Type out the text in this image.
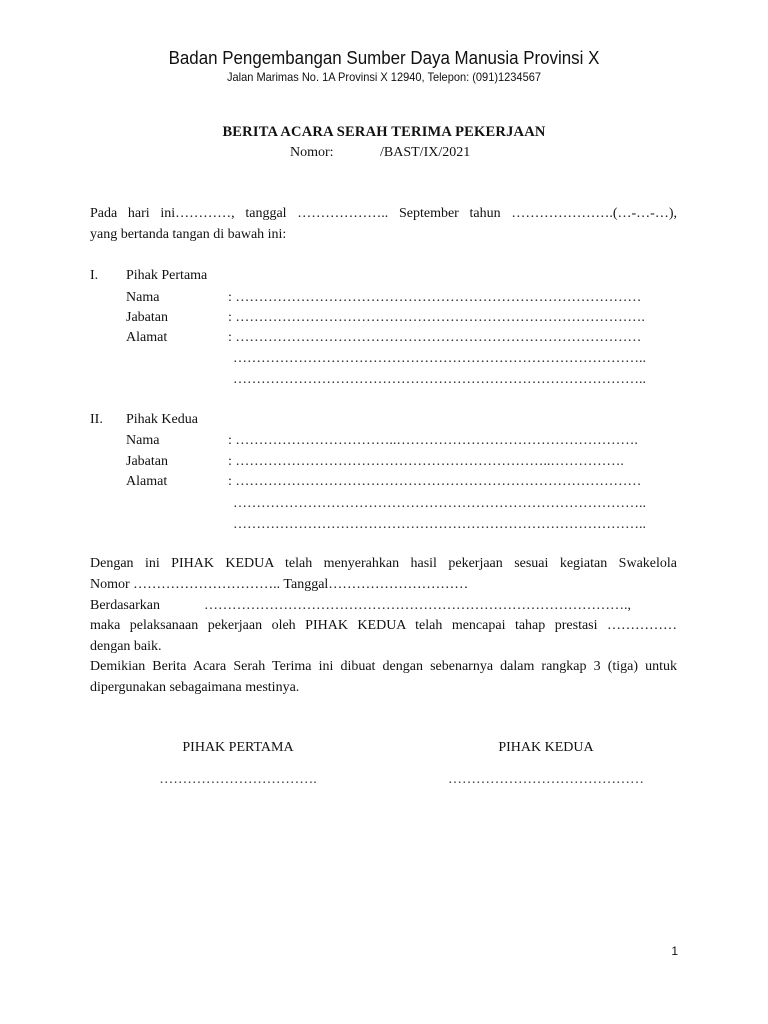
Badan Pengembangan Sumber Daya Manusia Provinsi X
Jalan Marimas No. 1A Provinsi X 12940, Telepon: (091)1234567
BERITA ACARA SERAH TERIMA PEKERJAAN
Nomor:	/BAST/IX/2021
Pada hari ini…………, tanggal ……………….. September tahun ………………….(…-…-…),
yang bertanda tangan di bawah ini:
I. Pihak Pertama
Nama	: ……………………………………………………………………………
Jabatan	: …………………………………………………………………………….
Alamat	: ……………………………………………………………………………
……………………………………………………………………………..
……………………………………………………………………………..
II. Pihak Kedua
Nama	: ……………………………..…………………………………………….
Jabatan	: …………………………………………………………..…………….
Alamat	: ……………………………………………………………………………
……………………………………………………………………………..
……………………………………………………………………………..
Dengan ini PIHAK KEDUA telah menyerahkan hasil pekerjaan sesuai kegiatan Swakelola
Nomor ………………………….. Tanggal…………………………
Berdasarkan	……………………………………………………………………………….,
maka pelaksanaan pekerjaan oleh PIHAK KEDUA telah mencapai tahap prestasi ……………
dengan baik.
Demikian Berita Acara Serah Terima ini dibuat dengan sebenarnya dalam rangkap 3 (tiga) untuk
dipergunakan sebagaimana mestinya.
PIHAK PERTAMA	PIHAK KEDUA
…………………………….	……………………………………
1
